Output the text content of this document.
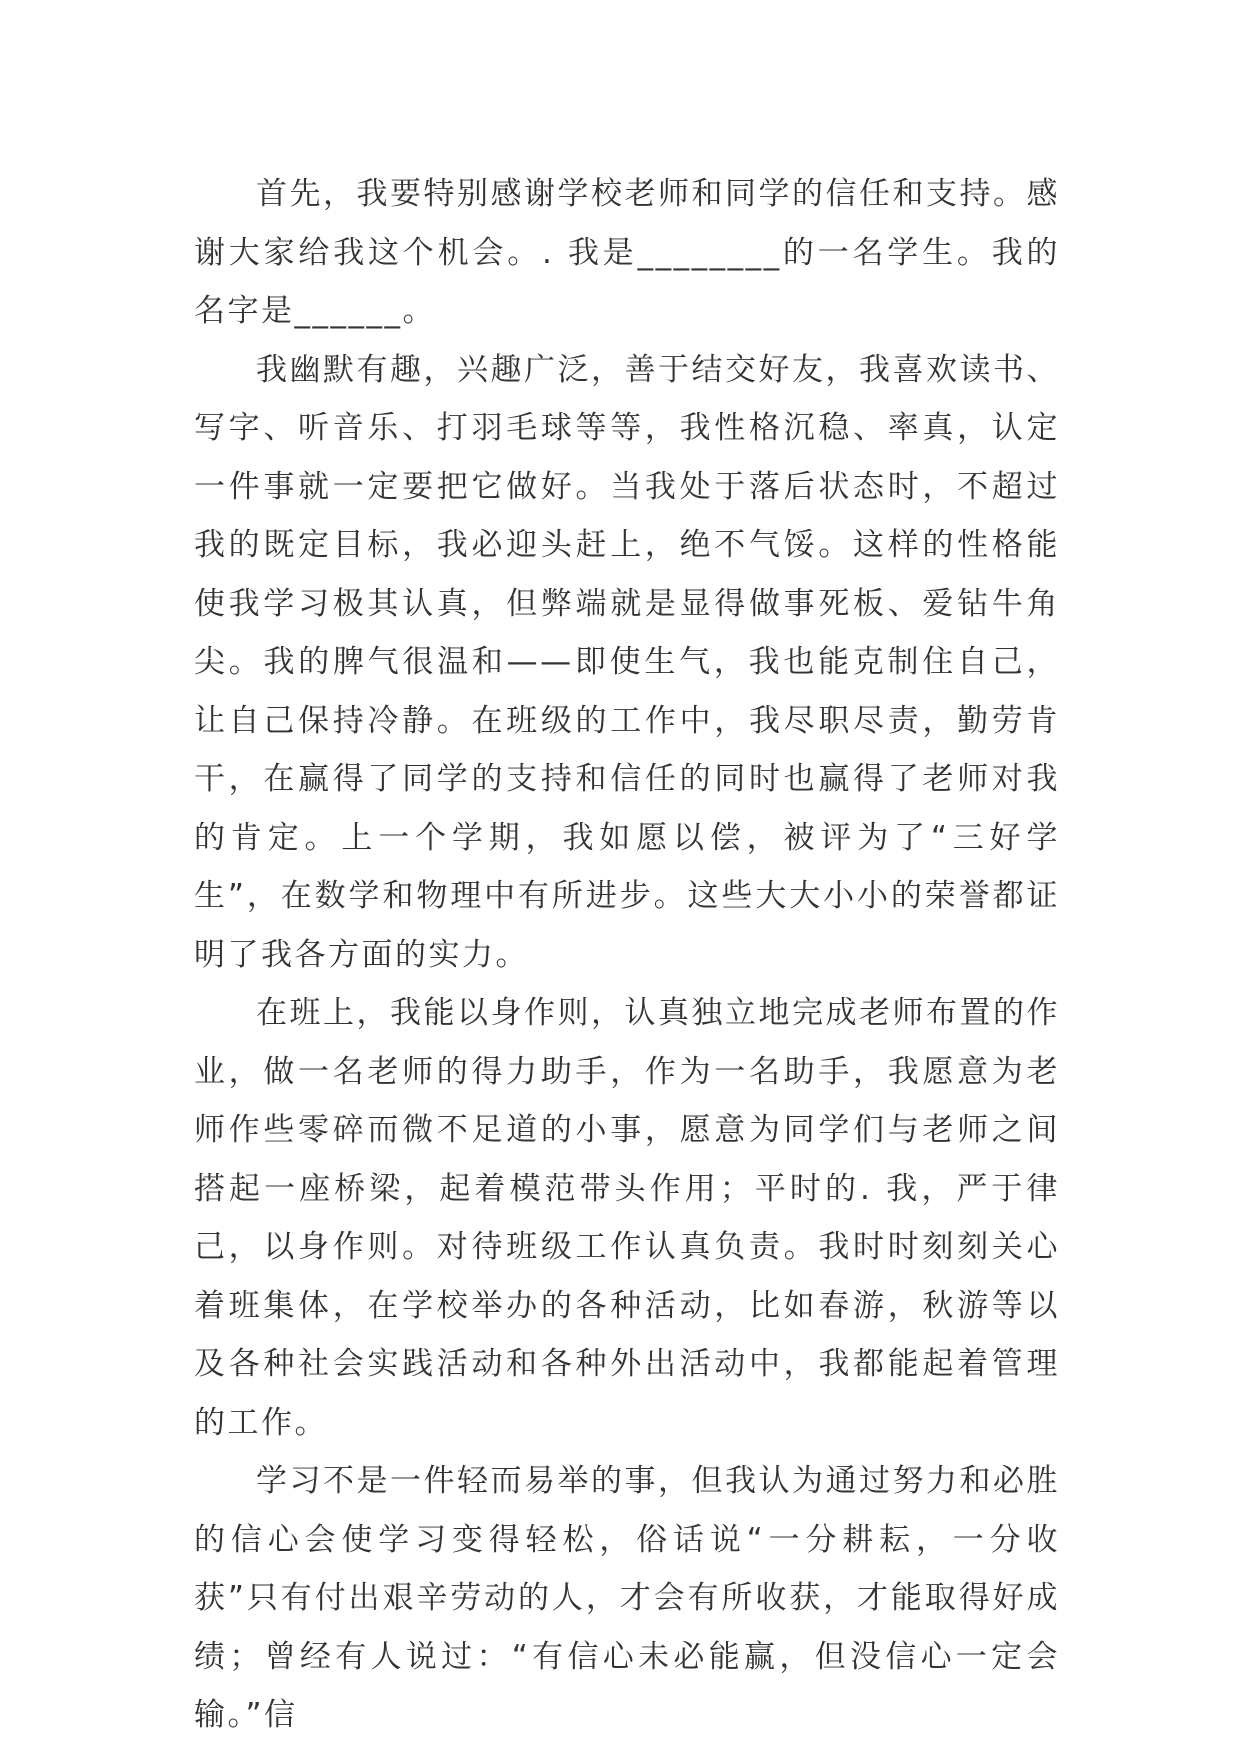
首先，我要特别感谢学校老师和同学的信任和支持。感谢大家给我这个机会。. 我是________的一名学生。我的名字是______。

我幽默有趣，兴趣广泛，善于结交好友，我喜欢读书、写字、听音乐、打羽毛球等等，我性格沉稳、率真，认定一件事就一定要把它做好。当我处于落后状态时，不超过我的既定目标，我必迎头赶上，绝不气馁。这样的性格能使我学习极其认真，但弊端就是显得做事死板、爱钻牛角尖。我的脾气很温和——即使生气，我也能克制住自己，让自己保持冷静。在班级的工作中，我尽职尽责，勤劳肯干，在赢得了同学的支持和信任的同时也赢得了老师对我的肯定。上一个学期，我如愿以偿，被评为了“三好学生”，在数学和物理中有所进步。这些大大小小的荣誉都证明了我各方面的实力。

在班上，我能以身作则，认真独立地完成老师布置的作业，做一名老师的得力助手，作为一名助手，我愿意为老师作些零碎而微不足道的小事，愿意为同学们与老师之间搭起一座桥梁，起着模范带头作用；平时的. 我，严于律己，以身作则。对待班级工作认真负责。我时时刻刻关心着班集体，在学校举办的各种活动，比如春游，秋游等以及各种社会实践活动和各种外出活动中，我都能起着管理的工作。

学习不是一件轻而易举的事，但我认为通过努力和必胜的信心会使学习变得轻松，俗话说“一分耕耘，一分收获”只有付出艰辛劳动的人，才会有所收获，才能取得好成绩；曾经有人说过：“有信心未必能赢，但没信心一定会输。”信
